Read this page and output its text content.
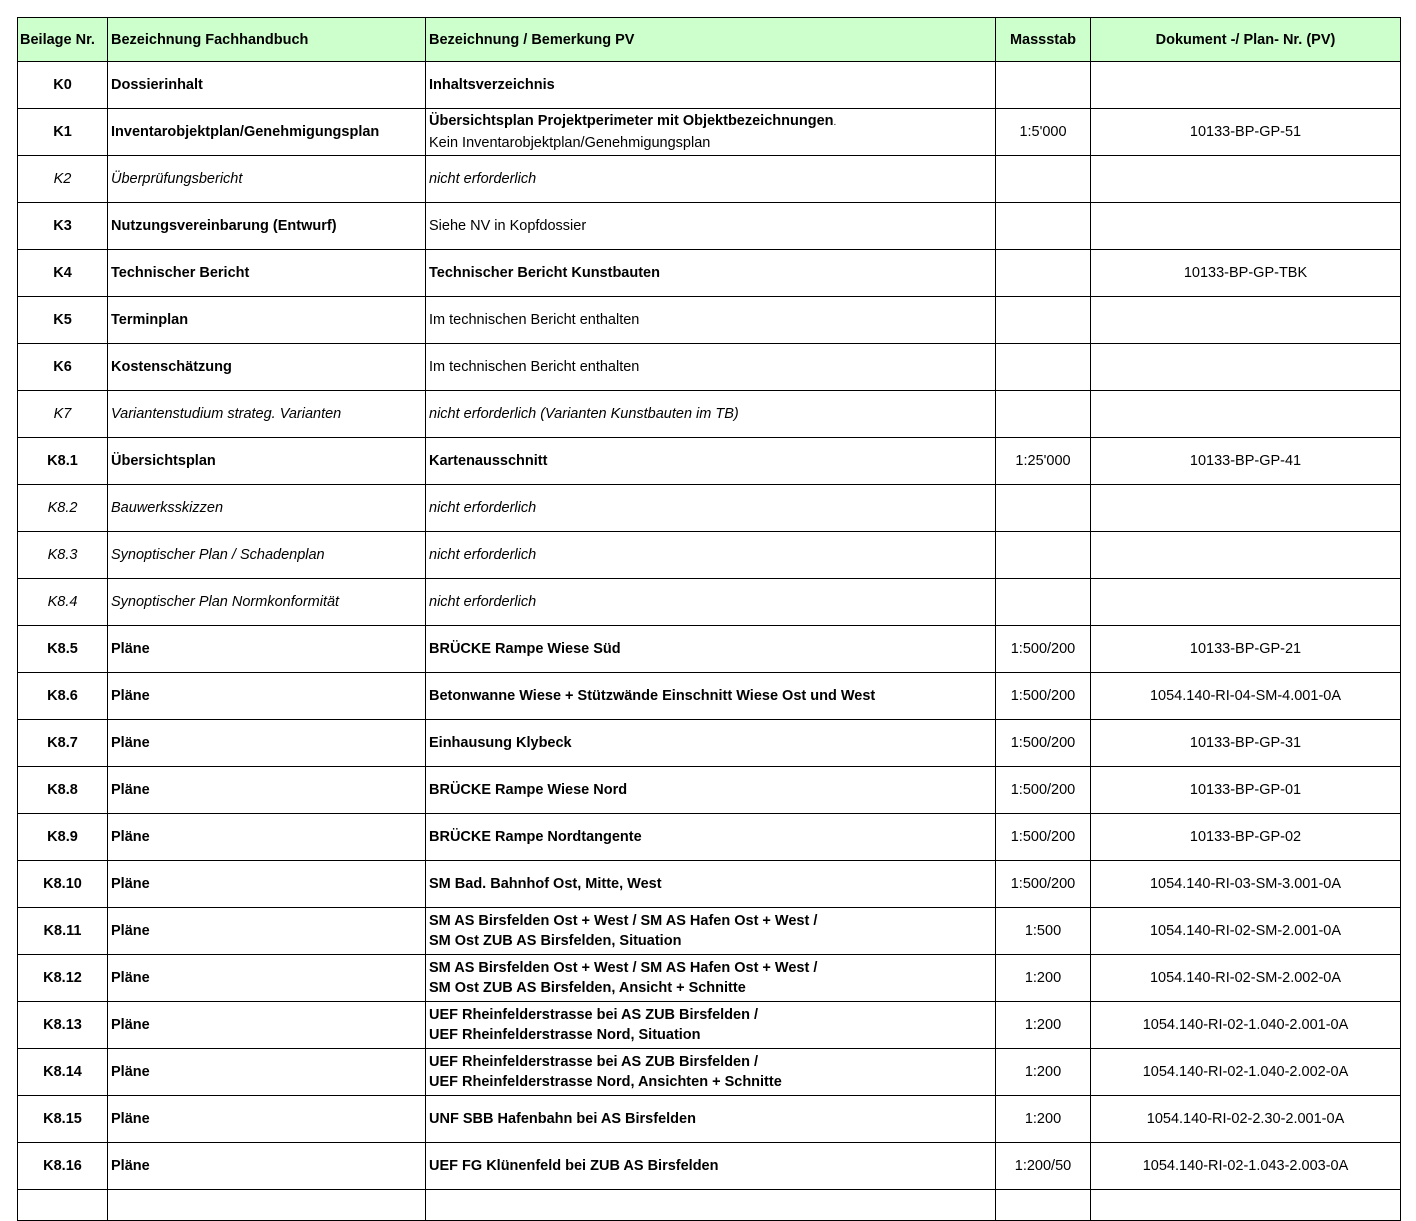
Beilage Nr.	Bezeichnung Fachhandbuch	Bezeichnung / Bemerkung PV	Massstab	Dokument -/ Plan- Nr. (PV)
K0	Dossierinhalt	Inhaltsverzeichnis		
K1	Inventarobjektplan/Genehmigungsplan	Übersichtsplan Projektperimeter mit Objektbezeichnungen.
Kein Inventarobjektplan/Genehmigungsplan	1:5'000	10133-BP-GP-51
K2	Überprüfungsbericht	nicht erforderlich		
K3	Nutzungsvereinbarung (Entwurf)	Siehe NV in Kopfdossier		
K4	Technischer Bericht	Technischer Bericht Kunstbauten		10133-BP-GP-TBK
K5	Terminplan	Im technischen Bericht enthalten		
K6	Kostenschätzung	Im technischen Bericht enthalten		
K7	Variantenstudium strateg. Varianten	nicht erforderlich (Varianten Kunstbauten im TB)		
K8.1	Übersichtsplan	Kartenausschnitt	1:25'000	10133-BP-GP-41
K8.2	Bauwerksskizzen	nicht erforderlich		
K8.3	Synoptischer Plan / Schadenplan	nicht erforderlich		
K8.4	Synoptischer Plan Normkonformität	nicht erforderlich		
K8.5	Pläne	BRÜCKE Rampe Wiese Süd	1:500/200	10133-BP-GP-21
K8.6	Pläne	Betonwanne Wiese + Stützwände Einschnitt Wiese Ost und West	1:500/200	1054.140-RI-04-SM-4.001-0A
K8.7	Pläne	Einhausung Klybeck	1:500/200	10133-BP-GP-31
K8.8	Pläne	BRÜCKE Rampe Wiese Nord	1:500/200	10133-BP-GP-01
K8.9	Pläne	BRÜCKE Rampe Nordtangente	1:500/200	10133-BP-GP-02
K8.10	Pläne	SM Bad. Bahnhof Ost, Mitte, West	1:500/200	1054.140-RI-03-SM-3.001-0A
K8.11	Pläne	SM AS Birsfelden Ost + West / SM AS Hafen Ost + West /
SM Ost ZUB AS Birsfelden, Situation	1:500	1054.140-RI-02-SM-2.001-0A
K8.12	Pläne	SM AS Birsfelden Ost + West / SM AS Hafen Ost + West /
SM Ost ZUB AS Birsfelden, Ansicht + Schnitte	1:200	1054.140-RI-02-SM-2.002-0A
K8.13	Pläne	UEF Rheinfelderstrasse bei AS ZUB Birsfelden /
UEF Rheinfelderstrasse Nord, Situation	1:200	1054.140-RI-02-1.040-2.001-0A
K8.14	Pläne	UEF Rheinfelderstrasse bei AS ZUB Birsfelden /
UEF Rheinfelderstrasse Nord, Ansichten + Schnitte	1:200	1054.140-RI-02-1.040-2.002-0A
K8.15	Pläne	UNF SBB Hafenbahn bei AS Birsfelden	1:200	1054.140-RI-02-2.30-2.001-0A
K8.16	Pläne	UEF FG Klünenfeld bei ZUB AS Birsfelden	1:200/50	1054.140-RI-02-1.043-2.003-0A
